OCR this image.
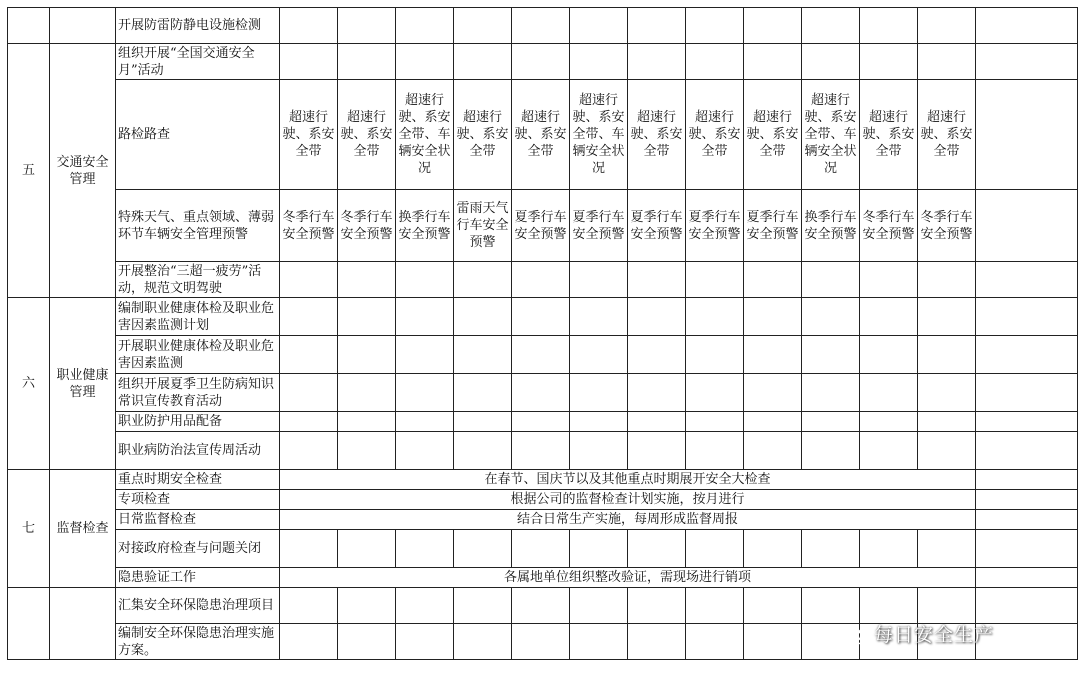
		开展防雷防静电设施检测													
五	交通安全管理	组织开展“全国交通安全月”活动													
		路检路查	超速行驶、系安全带	超速行驶、系安全带	超速行驶、系安全带、车辆安全状况	超速行驶、系安全带	超速行驶、系安全带	超速行驶、系安全带、车辆安全状况	超速行驶、系安全带	超速行驶、系安全带	超速行驶、系安全带	超速行驶、系安全带、车辆安全状况	超速行驶、系安全带	超速行驶、系安全带	
		特殊天气、重点领域、薄弱环节车辆安全管理预警	冬季行车安全预警	冬季行车安全预警	换季行车安全预警	雷雨天气行车安全预警	夏季行车安全预警	夏季行车安全预警	夏季行车安全预警	夏季行车安全预警	夏季行车安全预警	换季行车安全预警	冬季行车安全预警	冬季行车安全预警	
		开展整治“三超一疲劳”活动，规范文明驾驶													
六	职业健康管理	编制职业健康体检及职业危害因素监测计划													
		开展职业健康体检及职业危害因素监测													
		组织开展夏季卫生防病知识常识宣传教育活动													
		职业防护用品配备													
		职业病防治法宣传周活动													
七	监督检查	重点时期安全检查	在春节、国庆节以及其他重点时期展开安全大检查												
		专项检查	根据公司的监督检查计划实施，按月进行												
		日常监督检查	结合日常生产实施，每周形成监督周报												
		对接政府检查与问题关闭													
		隐患验证工作	各属地单位组织整改验证，需现场进行销项												
		汇集安全环保隐患治理项目													
		编制安全环保隐患治理实施方案。													
每日安全生产
